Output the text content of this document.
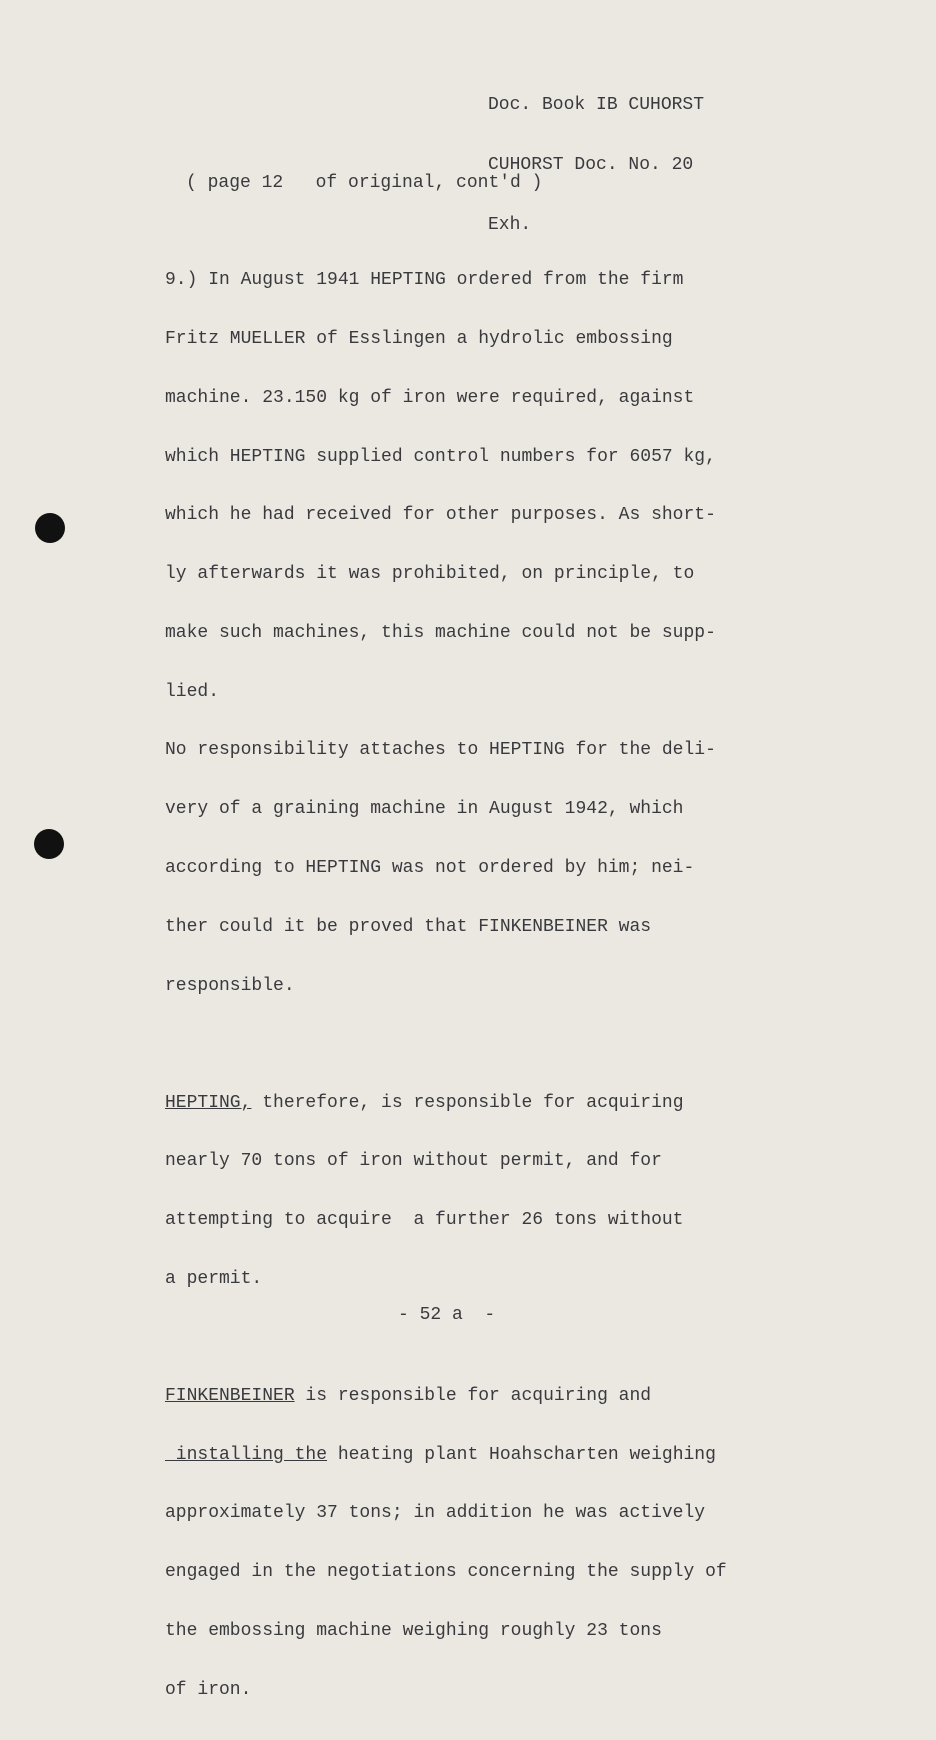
Doc. Book IB CUHORST

CUHORST Doc. No. 20

Exh.

( page 12   of original, cont'd )

9.) In August 1941 HEPTING ordered from the firm

Fritz MUELLER of Esslingen a hydrolic embossing

machine. 23.150 kg of iron were required, against

which HEPTING supplied control numbers for 6057 kg,

which he had received for other purposes. As short-

ly afterwards it was prohibited, on principle, to

make such machines, this machine could not be supp-

lied.

No responsibility attaches to HEPTING for the deli-

very of a graining machine in August 1942, which

according to HEPTING was not ordered by him; nei-

ther could it be proved that FINKENBEINER was

responsible.

HEPTING, therefore, is responsible for acquiring

nearly 70 tons of iron without permit, and for

attempting to acquire  a further 26 tons without

a permit.

FINKENBEINER is responsible for acquiring and

installing the heating plant Hoahscharten weighing

approximately 37 tons; in addition he was actively

engaged in the negotiations concerning the supply of

the embossing machine weighing roughly 23 tons

of iron.

- 52 a  -
